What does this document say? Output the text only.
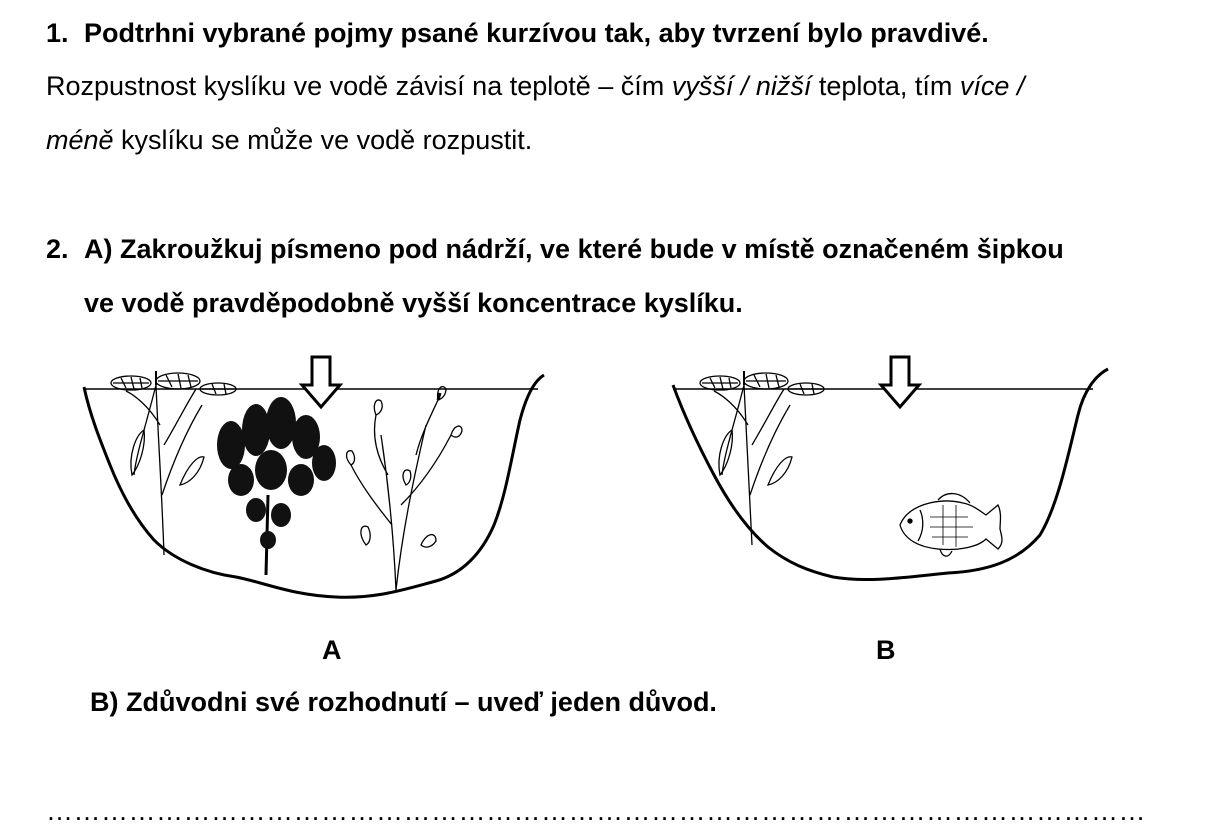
1. Podtrhni vybrané pojmy psané kurzívou tak, aby tvrzení bylo pravdivé.
Rozpustnost kyslíku ve vodě závisí na teplotě – čím vyšší / nižší teplota, tím více /
méně kyslíku se může ve vodě rozpustit.
2. A) Zakroužkuj písmeno pod nádrží, ve které bude v místě označeném šipkou
ve vodě pravděpodobně vyšší koncentrace kyslíku.
A	B
B) Zdůvodni své rozhodnutí – uveď jeden důvod.
…………………………………………………………………………………………………………
